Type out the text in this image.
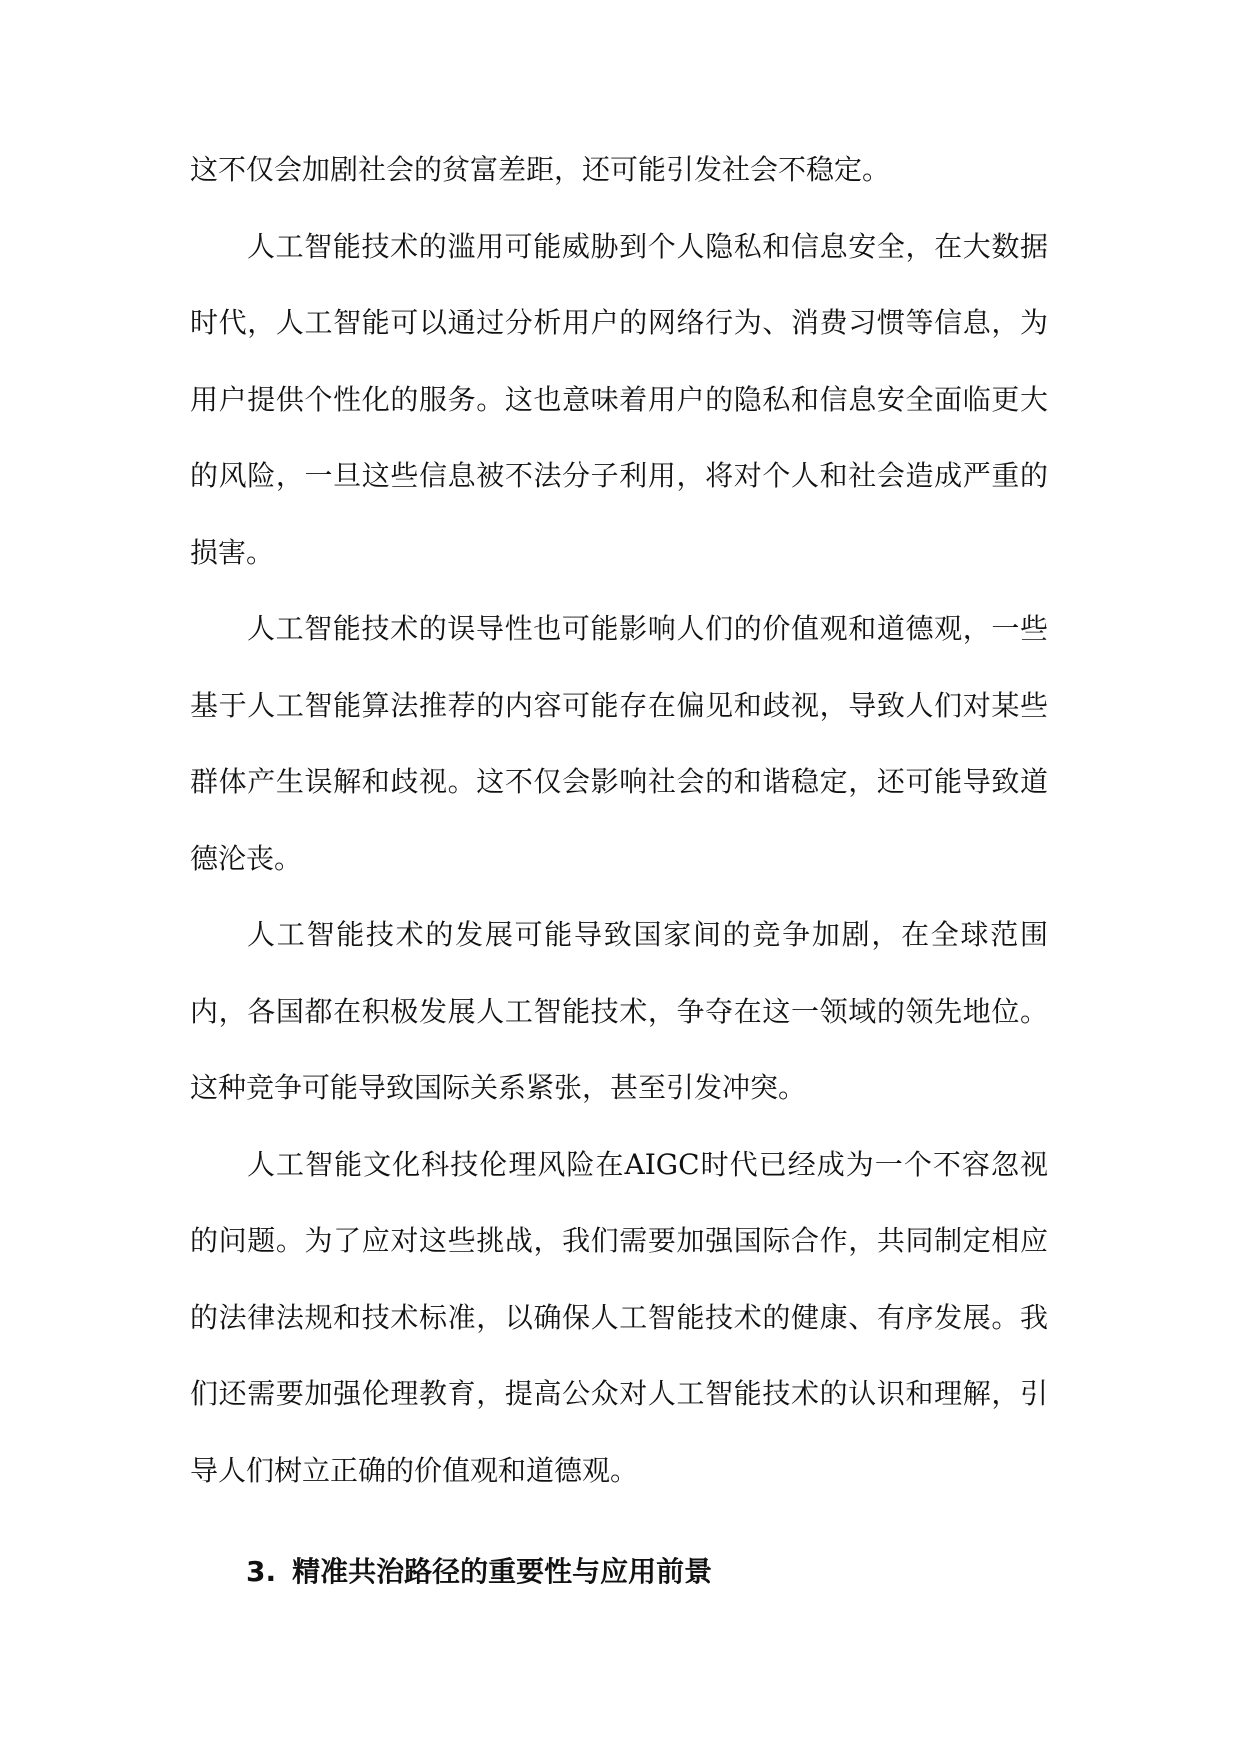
这不仅会加剧社会的贫富差距，还可能引发社会不稳定。

人工智能技术的滥用可能威胁到个人隐私和信息安全，在大数据时代，人工智能可以通过分析用户的网络行为、消费习惯等信息，为用户提供个性化的服务。这也意味着用户的隐私和信息安全面临更大的风险，一旦这些信息被不法分子利用，将对个人和社会造成严重的损害。

人工智能技术的误导性也可能影响人们的价值观和道德观，一些基于人工智能算法推荐的内容可能存在偏见和歧视，导致人们对某些群体产生误解和歧视。这不仅会影响社会的和谐稳定，还可能导致道德沦丧。

人工智能技术的发展可能导致国家间的竞争加剧，在全球范围内，各国都在积极发展人工智能技术，争夺在这一领域的领先地位。这种竞争可能导致国际关系紧张，甚至引发冲突。

人工智能文化科技伦理风险在AIGC时代已经成为一个不容忽视的问题。为了应对这些挑战，我们需要加强国际合作，共同制定相应的法律法规和技术标准，以确保人工智能技术的健康、有序发展。我们还需要加强伦理教育，提高公众对人工智能技术的认识和理解，引导人们树立正确的价值观和道德观。

3. 精准共治路径的重要性与应用前景
